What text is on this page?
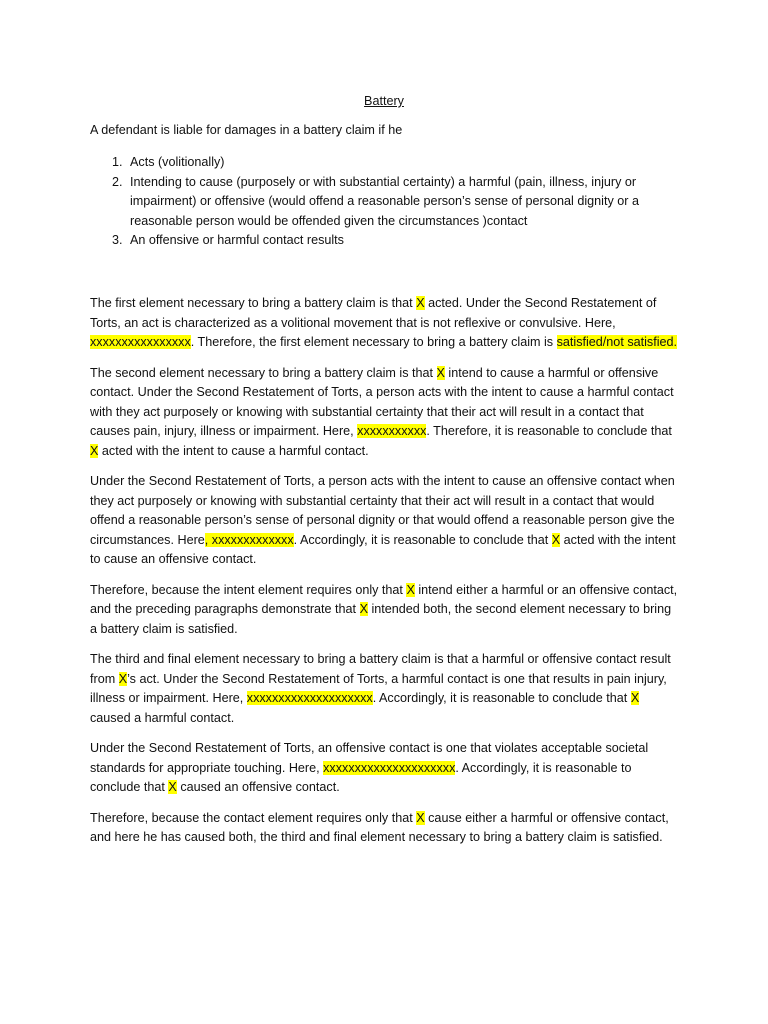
Battery

A defendant is liable for damages in a battery claim if he

1. Acts (volitionally)
2. Intending to cause (purposely or with substantial certainty) a harmful (pain, illness, injury or impairment) or offensive (would offend a reasonable person’s sense of personal dignity or a reasonable person would be offended given the circumstances )contact
3. An offensive or harmful contact results

The first element necessary to bring a battery claim is that X acted. Under the Second Restatement of Torts, an act is characterized as a volitional movement that is not reflexive or convulsive. Here, xxxxxxxxxxxxxxxx. Therefore, the first element necessary to bring a battery claim is satisfied/not satisfied.

The second element necessary to bring a battery claim is that X intend to cause a harmful or offensive contact. Under the Second Restatement of Torts, a person acts with the intent to cause a harmful contact with they act purposely or knowing with substantial certainty that their act will result in a contact that causes pain, injury, illness or impairment. Here, xxxxxxxxxxx. Therefore, it is reasonable to conclude that X acted with the intent to cause a harmful contact.

Under the Second Restatement of Torts, a person acts with the intent to cause an offensive contact when they act purposely or knowing with substantial certainty that their act will result in a contact that would offend a reasonable person’s sense of personal dignity or that would offend a reasonable person give the circumstances. Here, xxxxxxxxxxxxx. Accordingly, it is reasonable to conclude that X acted with the intent to cause an offensive contact.

Therefore, because the intent element requires only that X intend either a harmful or an offensive contact, and the preceding paragraphs demonstrate that X intended both, the second element necessary to bring a battery claim is satisfied.

The third and final element necessary to bring a battery claim is that a harmful or offensive contact result from X’s act. Under the Second Restatement of Torts, a harmful contact is one that results in pain injury, illness or impairment. Here, xxxxxxxxxxxxxxxxxxxx. Accordingly, it is reasonable to conclude that X caused a harmful contact.

Under the Second Restatement of Torts, an offensive contact is one that violates acceptable societal standards for appropriate touching. Here, xxxxxxxxxxxxxxxxxxxxx. Accordingly, it is reasonable to conclude that X caused an offensive contact.

Therefore, because the contact element requires only that X cause either a harmful or offensive contact, and here he has caused both, the third and final element necessary to bring a battery claim is satisfied.
